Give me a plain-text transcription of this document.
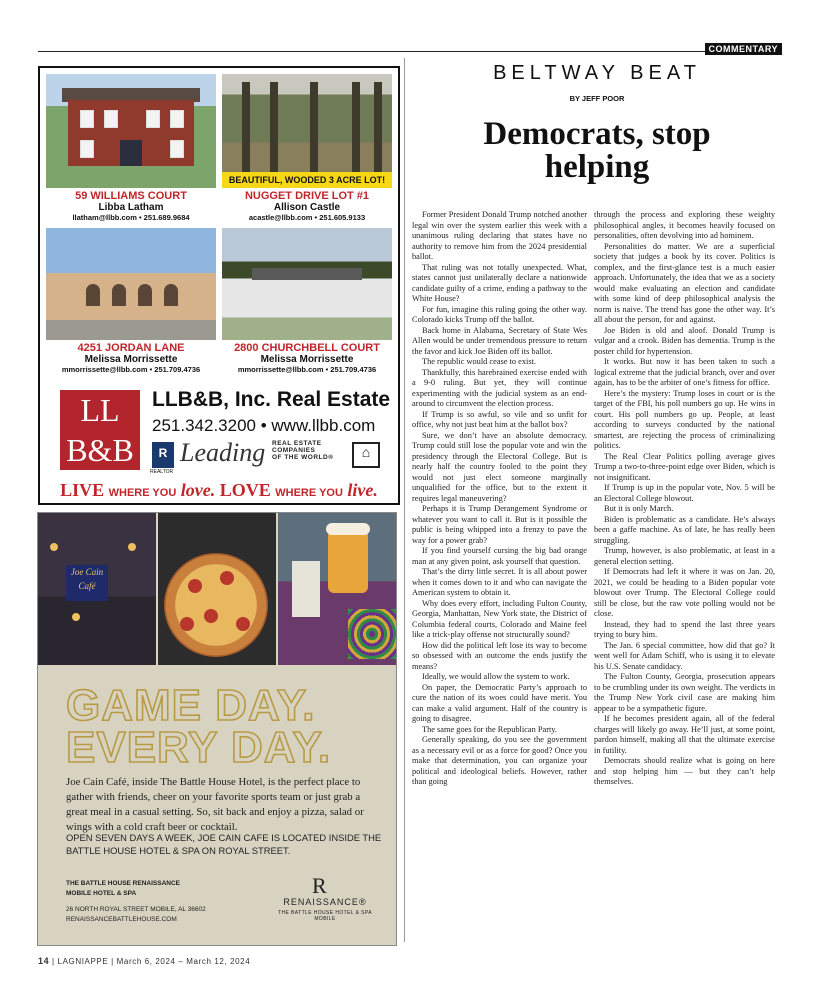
COMMENTARY
BEAUTIFUL, WOODED 3 ACRE LOT!
59 WILLIAMS COURT
Libba Latham
llatham@llbb.com • 251.689.9684
NUGGET DRIVE LOT #1
Allison Castle
acastle@llbb.com • 251.605.9133
4251 JORDAN LANE
Melissa Morrissette
mmorrissette@llbb.com • 251.709.4736
2800 CHURCHBELL COURT
Melissa Morrissette
mmorrissette@llbb.com • 251.709.4736
LL B&B
LLB&B, Inc. Real Estate
251.342.3200 • www.llbb.com
R
REALTOR
Leading REAL ESTATE
COMPANIES
OF THE WORLD®	⌂
LIVE WHERE YOU love. LOVE WHERE YOU live.
Joe Cain Café
GAME DAY.
EVERY DAY.
Joe Cain Café, inside The Battle House Hotel, is the perfect place to gather with friends, cheer on your favorite sports team or just grab a great meal in a casual setting. So, sit back and enjoy a pizza, salad or wings with a cold craft beer or cocktail.
OPEN SEVEN DAYS A WEEK, JOE CAIN CAFE IS LOCATED INSIDE THE BATTLE HOUSE HOTEL & SPA ON ROYAL STREET.
THE BATTLE HOUSE RENAISSANCE
MOBILE HOTEL & SPA
26 NORTH ROYAL STREET MOBILE, AL 36602
RENAISSANCEBATTLEHOUSE.COM
R
RENAISSANCE®
THE BATTLE HOUSE HOTEL & SPA
MOBILE
BELTWAY BEAT
BY JEFF POOR
Democrats, stop
helping

Former President Donald Trump notched another legal win over the system earlier this week with a unanimous ruling declaring that states have no authority to remove him from the 2024 presidential ballot.

That ruling was not totally unexpected. What, states cannot just unilaterally declare a nationwide candidate guilty of a crime, ending a pathway to the White House?

For fun, imagine this ruling going the other way. Colorado kicks Trump off the ballot.

Back home in Alabama, Secretary of State Wes Allen would be under tremendous pressure to return the favor and kick Joe Biden off its ballot.

The republic would cease to exist.

Thankfully, this harebrained exercise ended with a 9-0 ruling. But yet, they will continue experimenting with the judicial system as an end-around to circumvent the election process.

If Trump is so awful, so vile and so unfit for office, why not just beat him at the ballot box?

Sure, we don’t have an absolute democracy. Trump could still lose the popular vote and win the presidency through the Electoral College. But is nearly half the country fooled to the point they would not just elect someone marginally unqualified for the office, but to the extent it requires legal maneuvering?

Perhaps it is Trump Derangement Syndrome or whatever you want to call it. But is it possible the public is being whipped into a frenzy to pave the way for a power grab?

If you find yourself cursing the big bad orange man at any given point, ask yourself that question.

That’s the dirty little secret. It is all about power when it comes down to it and who can navigate the American system to obtain it.

Why does every effort, including Fulton County, Georgia, Manhattan, New York state, the District of Columbia federal courts, Colorado and Maine feel like a trick-play offense not structurally sound?

How did the political left lose its way to become so obsessed with an outcome the ends justify the means?

Ideally, we would allow the system to work.

On paper, the Democratic Party’s approach to cure the nation of its woes could have merit. You can make a valid argument. Half of the country is going to disagree.

The same goes for the Republican Party.

Generally speaking, do you see the government as a necessary evil or as a force for good? Once you make that determination, you can organize your political and ideological beliefs. However, rather than going

through the process and exploring these weighty philosophical angles, it becomes heavily focused on personalities, often devolving into ad hominem.

Personalities do matter. We are a superficial society that judges a book by its cover. Politics is complex, and the first-glance test is a much easier approach. Unfortunately, the idea that we as a society would make evaluating an election and candidate with some kind of deep philosophical analysis the norm is naive. The trend has gone the other way. It’s all about the person, for and against.

Joe Biden is old and aloof. Donald Trump is vulgar and a crook. Biden has dementia. Trump is the poster child for hypertension.

It works. But now it has been taken to such a logical extreme that the judicial branch, over and over again, has to be the arbiter of one’s fitness for office.

Here’s the mystery: Trump loses in court or is the target of the FBI, his poll numbers go up. He wins in court. His poll numbers go up. People, at least according to surveys conducted by the national smartest, are rejecting the process of criminalizing politics.

The Real Clear Politics polling average gives Trump a two-to-three-point edge over Biden, which is not insignificant.

If Trump is up in the popular vote, Nov. 5 will be an Electoral College blowout.

But it is only March.

Biden is problematic as a candidate. He’s always been a gaffe machine. As of late, he has really been struggling.

Trump, however, is also problematic, at least in a general election setting.

If Democrats had left it where it was on Jan. 20, 2021, we could be heading to a Biden popular vote blowout over Trump. The Electoral College could still be close, but the raw vote polling would not be close.

Instead, they had to spend the last three years trying to bury him.

The Jan. 6 special committee, how did that go? It went well for Adam Schiff, who is using it to elevate his U.S. Senate candidacy.

The Fulton County, Georgia, prosecution appears to be crumbling under its own weight. The verdicts in the Trump New York civil case are making him appear to be a sympathetic figure.

If he becomes president again, all of the federal charges will likely go away. He’ll just, at some point, pardon himself, making all that the ultimate exercise in futility.

Democrats should realize what is going on here and stop helping him — but they can’t help themselves.

14 | LAGNIAPPE | March 6, 2024 – March 12, 2024
